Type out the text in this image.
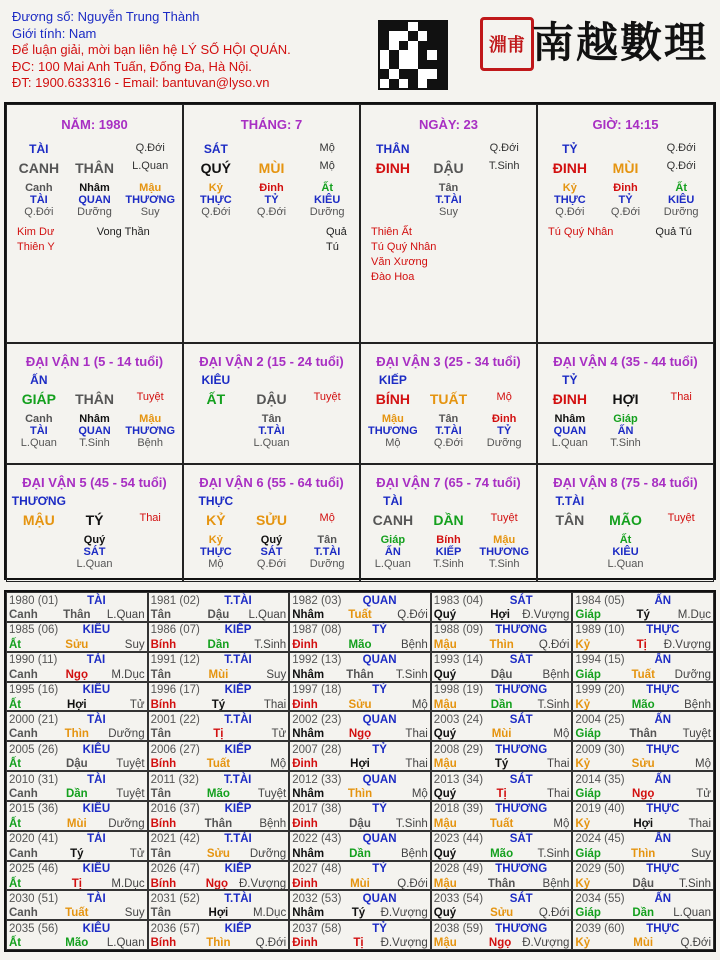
Đương số: Nguyễn Trung Thành
Giới tính: Nam
Để luận giải, mời bạn liên hệ LÝ SỐ HỘI QUÁN.
ĐC: 100 Mai Anh Tuấn, Đống Đa, Hà Nội.
ĐT: 1900.633316 - Email: bantuvan@lyso.vn
淵甫 南越數理
NĂM: 1980
TÀI	Q.Đới
CANH	THÂN	L.Quan
Canh	Nhâm	Mậu
TÀI	QUAN	THƯƠNG
Q.Đới	Dưỡng	Suy
Kim Dư
Thiên Y
Vong Thần
THÁNG: 7
SÁT	Mộ
QUÝ	MÙI	Mộ
Kỷ	Đinh	Ất
THỰC	TỶ	KIÊU
Q.Đới	Q.Đới	Dưỡng
Quả Tú
NGÀY: 23
THÂN	Q.Đới
ĐINH	DẬU	T.Sinh
Tân
T.TÀI
Suy
Thiên Ất
Tú Quý Nhân
Văn Xương
Đào Hoa
GIỜ: 14:15
TỶ	Q.Đới
ĐINH	MÙI	Q.Đới
Kỷ	Đinh	Ất
THỰC	TỶ	KIÊU
Q.Đới	Q.Đới	Dưỡng
Tú Quý Nhân	Quả Tú
ĐẠI VẬN 1 (5 - 14 tuổi)
ẤN
GIÁP	THÂN	Tuyệt
Canh	Nhâm	Mậu
TÀI	QUAN	THƯƠNG
L.Quan	T.Sinh	Bệnh
ĐẠI VẬN 2 (15 - 24 tuổi)
KIÊU
ẤT	DẬU	Tuyệt
Tân
T.TÀI
L.Quan
ĐẠI VẬN 3 (25 - 34 tuổi)
KIẾP
BÍNH	TUẤT	Mộ
Mậu	Tân	Đinh
THƯƠNG	T.TÀI	TỶ
Mộ	Q.Đới	Dưỡng
ĐẠI VẬN 4 (35 - 44 tuổi)
TỶ
ĐINH	HỢI	Thai
Nhâm	Giáp
QUAN	ẤN
L.Quan	T.Sinh
ĐẠI VẬN 5 (45 - 54 tuổi)
THƯƠNG
MẬU	TÝ	Thai
Quý
SÁT
L.Quan
ĐẠI VẬN 6 (55 - 64 tuổi)
THỰC
KỶ	SỬU	Mộ
Kỷ	Quý	Tân
THỰC	SÁT	T.TÀI
Mộ	Q.Đới	Dưỡng
ĐẠI VẬN 7 (65 - 74 tuổi)
TÀI
CANH	DẦN	Tuyệt
Giáp	Bính	Mậu
ẤN	KIẾP	THƯƠNG
L.Quan	T.Sinh	T.Sinh
ĐẠI VẬN 8 (75 - 84 tuổi)
T.TÀI
TÂN	MÃO	Tuyệt
Ất
KIÊU
L.Quan
1980 (01)	TÀI
Canh	Thân	L.Quan
1981 (02)	T.TÀI
Tân	Dậu	L.Quan
1982 (03)	QUAN
Nhâm	Tuất	Q.Đới
1983 (04)	SÁT
Quý	Hợi	Đ.Vượng
1984 (05)	ẤN
Giáp	Tý	M.Dục
1985 (06)	KIÊU
Ất	Sửu	Suy
1986 (07)	KIẾP
Bính	Dần	T.Sinh
1987 (08)	TỶ
Đinh	Mão	Bệnh
1988 (09)	THƯƠNG
Mậu	Thìn	Q.Đới
1989 (10)	THỰC
Kỷ	Tị	Đ.Vượng
1990 (11)	TÀI
Canh	Ngọ	M.Dục
1991 (12)	T.TÀI
Tân	Mùi	Suy
1992 (13)	QUAN
Nhâm	Thân	T.Sinh
1993 (14)	SÁT
Quý	Dậu	Bệnh
1994 (15)	ẤN
Giáp	Tuất	Dưỡng
1995 (16)	KIÊU
Ất	Hợi	Tử
1996 (17)	KIẾP
Bính	Tý	Thai
1997 (18)	TỶ
Đinh	Sửu	Mộ
1998 (19)	THƯƠNG
Mậu	Dần	T.Sinh
1999 (20)	THỰC
Kỷ	Mão	Bệnh
2000 (21)	TÀI
Canh	Thìn	Dưỡng
2001 (22)	T.TÀI
Tân	Tị	Tử
2002 (23)	QUAN
Nhâm	Ngọ	Thai
2003 (24)	SÁT
Quý	Mùi	Mộ
2004 (25)	ẤN
Giáp	Thân	Tuyệt
2005 (26)	KIÊU
Ất	Dậu	Tuyệt
2006 (27)	KIẾP
Bính	Tuất	Mộ
2007 (28)	TỶ
Đinh	Hợi	Thai
2008 (29)	THƯƠNG
Mậu	Tý	Thai
2009 (30)	THỰC
Kỷ	Sửu	Mộ
2010 (31)	TÀI
Canh	Dần	Tuyệt
2011 (32)	T.TÀI
Tân	Mão	Tuyệt
2012 (33)	QUAN
Nhâm	Thìn	Mộ
2013 (34)	SÁT
Quý	Tị	Thai
2014 (35)	ẤN
Giáp	Ngọ	Tử
2015 (36)	KIÊU
Ất	Mùi	Dưỡng
2016 (37)	KIẾP
Bính	Thân	Bệnh
2017 (38)	TỶ
Đinh	Dậu	T.Sinh
2018 (39)	THƯƠNG
Mậu	Tuất	Mộ
2019 (40)	THỰC
Kỷ	Hợi	Thai
2020 (41)	TÀI
Canh	Tý	Tử
2021 (42)	T.TÀI
Tân	Sửu	Dưỡng
2022 (43)	QUAN
Nhâm	Dần	Bệnh
2023 (44)	SÁT
Quý	Mão	T.Sinh
2024 (45)	ẤN
Giáp	Thìn	Suy
2025 (46)	KIÊU
Ất	Tị	M.Dục
2026 (47)	KIẾP
Bính	Ngọ Đ.Vượng
2027 (48)	TỶ
Đinh	Mùi	Q.Đới
2028 (49)	THƯƠNG
Mậu	Thân	Bệnh
2029 (50)	THỰC
Kỷ	Dậu	T.Sinh
2030 (51)	TÀI
Canh	Tuất	Suy
2031 (52)	T.TÀI
Tân	Hợi	M.Dục
2032 (53)	QUAN
Nhâm	Tý	Đ.Vượng
2033 (54)	SÁT
Quý	Sửu	Q.Đới
2034 (55)	ẤN
Giáp	Dần	L.Quan
2035 (56)	KIÊU
Ất	Mão	L.Quan
2036 (57)	KIẾP
Bính	Thìn	Q.Đới
2037 (58)	TỶ
Đinh	Tị	Đ.Vượng
2038 (59)	THƯƠNG
Mậu	Ngọ Đ.Vượng
2039 (60)	THỰC
Kỷ	Mùi	Q.Đới
